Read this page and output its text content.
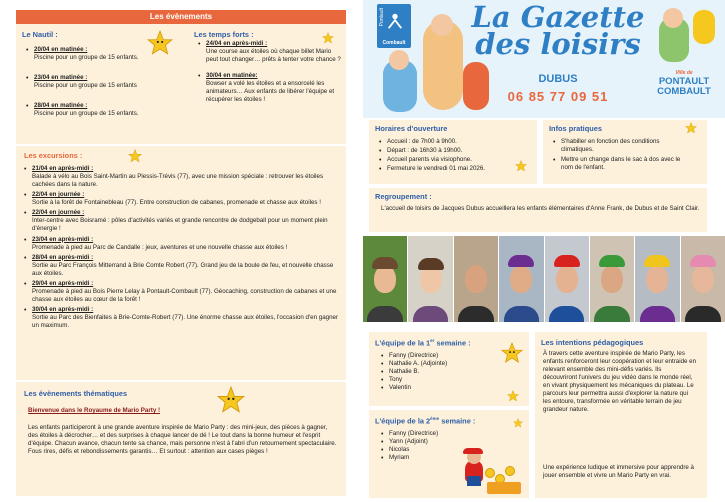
Les évènements
Le Nautil :
• 20/04 en matinée :
Piscine pour un groupe de 15 enfants.
• 23/04 en matinée :
Piscine pour un groupe de 15 enfants
• 28/04 en matinée :
Piscine pour un groupe de 15 enfants.
Les temps forts :
• 24/04 en après-midi :
Une course aux étoiles où chaque billet Mario peut tout changer… prêts à tenter votre chance ?
• 30/04 en matinée:
Bowser a volé les étoiles et a ensorcelé les animateurs… Aux enfants de libérer l'équipe et récupérer les étoiles !
Les excursions :
• 21/04 en après-midi :
Balade à vélo au Bois Saint-Martin au Plessis-Trévis (77), avec une mission spéciale : retrouver les étoiles cachées dans la nature.
• 22/04 en journée :
Sortie à la forêt de Fontainebleau (77). Entre construction de cabanes, promenade et chasse aux étoiles !
• 22/04 en journée :
Inter-centre avec Boisramé : pôles d'activités variés et grande rencontre de dodgeball pour un moment plein d'énergie !
• 23/04 en après-midi :
Promenade à pied au Parc de Candalle : jeux, aventures et une nouvelle chasse aux étoiles !
• 28/04 en après-midi :
Sortie au Parc François Mitterrand à Brie Comte Robert (77). Grand jeu de la boule de feu, et nouvelle chasse aux étoiles.
• 29/04 en après-midi :
Promenade à pied au Bois Pierre Lelay à Pontault-Combault (77). Géocaching, construction de cabanes et une chasse aux étoiles au cœur de la forêt !
• 30/04 en après-midi :
Sortie au Parc des Bienfaites à Brie-Comte-Robert (77). Une énorme chasse aux étoiles, l'occasion d'en gagner un maximum.
Les évènements thématiques
Bienvenue dans le Royaume de Mario Party !
Les enfants participeront à une grande aventure inspirée de Mario Party : des mini-jeux, des pièces à gagner, des étoiles à décrocher… et des surprises à chaque lancer de dé ! Le tout dans la bonne humeur et l'esprit d'équipe. Chacun avance, chacun tente sa chance, mais personne n'est à l'abri d'un retournement spectaculaire. Fous rires, défis et rebondissements garantis… Et surtout : attention aux cases pièges !
Pontault
Combault
La Gazette
des loisirs
DUBUS
06 85 77 09 51
Ville de
PONTAULT
COMBAULT
Horaires d'ouverture
• Accueil : de 7h00 à 9h00.
• Départ : de 16h30 à 19h00.
• Accueil parents via visiophone.
• Fermeture le vendredi 01 mai 2026.
Infos pratiques
• S'habiller en fonction des conditions climatiques.
• Mettre un change dans le sac à dos avec le nom de l'enfant.
Regroupement :
L'accueil de loisirs de Jacques Dubus accueillera les enfants élémentaires d'Anne Frank, de Dubus et de Saint Clair.
L'équipe de la 1er semaine :
• Fanny (Directrice)
• Nathalie A. (Adjointe)
• Nathalie B.
• Tony
• Valentin
L'équipe de la 2ème semaine :
• Fanny (Directrice)
• Yann (Adjoint)
• Nicolas
• Myriam
Les intentions pédagogiques
À travers cette aventure inspirée de Mario Party, les enfants renforceront leur coopération et leur entraide en relevant ensemble des mini-défis variés. Ils découvriront l'univers du jeu vidéo dans le monde réel, en vivant physiquement les mécaniques du plateau. Le parcours leur permettra aussi d'explorer la nature qui les entoure, transformée en véritable terrain de jeu grandeur nature.
Une expérience ludique et immersive pour apprendre à jouer ensemble et vivre un Mario Party en vrai.
